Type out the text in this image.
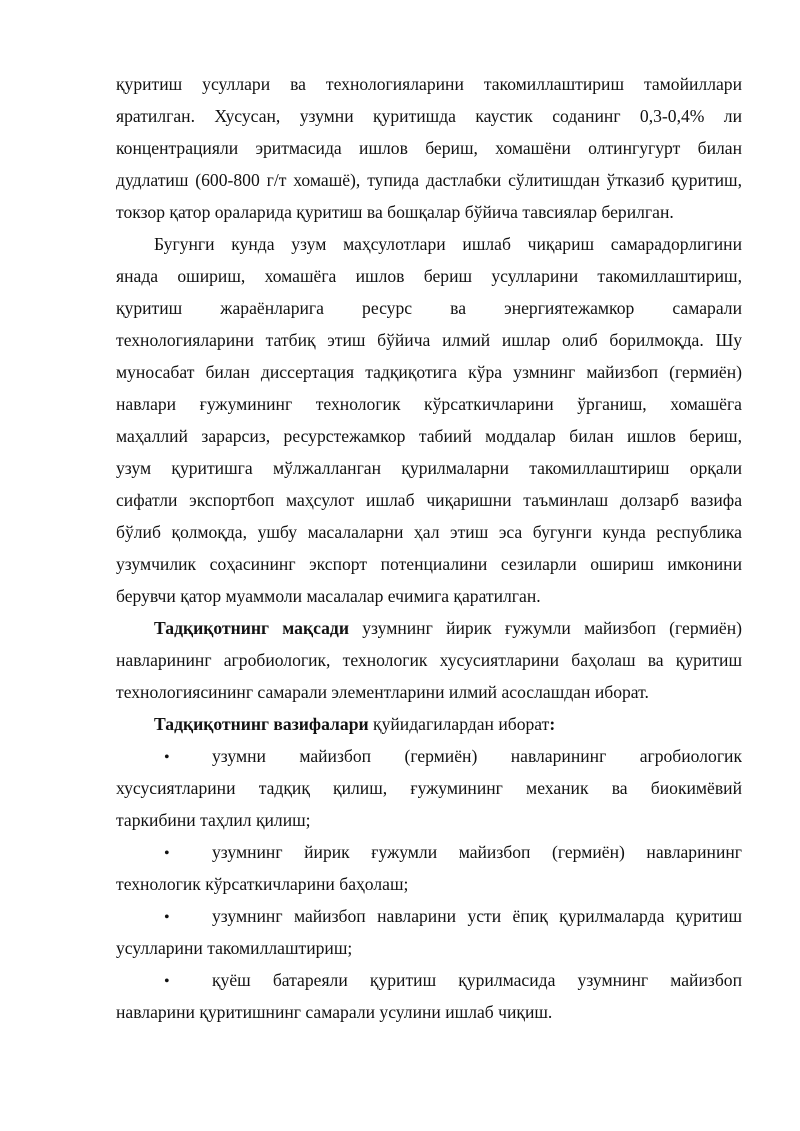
қуритиш усуллари ва технологияларини такомиллаштириш тамойиллари
яратилган. Хусусан, узумни қуритишда каустик соданинг 0,3-0,4% ли
концентрацияли эритмасида ишлов бериш, хомашёни олтингугурт билан
дудлатиш (600-800 г/т хомашё), тупида дастлабки сўлитишдан ўтказиб қуритиш,
токзор қатор ораларида қуритиш ва бошқалар бўйича тавсиялар берилган.
Бугунги кунда узум маҳсулотлари ишлаб чиқариш самарадорлигини
янада ошириш, хомашёга ишлов бериш усулларини такомиллаштириш,
қуритиш жараёнларига ресурс ва энергиятежамкор самарали
технологияларини татбиқ этиш бўйича илмий ишлар олиб борилмоқда. Шу
муносабат билан диссертация тадқиқотига кўра узмнинг майизбоп (гермиён)
навлари ғужумининг технологик кўрсаткичларини ўрганиш, хомашёга
маҳаллий зарарсиз, ресурстежамкор табиий моддалар билан ишлов бериш,
узум қуритишга мўлжалланган қурилмаларни такомиллаштириш орқали
сифатли экспортбоп маҳсулот ишлаб чиқаришни таъминлаш долзарб вазифа
бўлиб қолмоқда, ушбу масалаларни ҳал этиш эса бугунги кунда республика
узумчилик соҳасининг экспорт потенциалини сезиларли ошириш имконини
берувчи қатор муаммоли масалалар ечимига қаратилган.
Тадқиқотнинг мақсади узумнинг йирик ғужумли майизбоп (гермиён)
навларининг агробиологик, технологик хусусиятларини баҳолаш ва қуритиш
технологиясининг самарали элементларини илмий асослашдан иборат.
Тадқиқотнинг вазифалари қуйидагилардан иборат:
•	узумни майизбоп (гермиён) навларининг агробиологик
хусусиятларини тадқиқ қилиш, ғужумининг механик ва биокимёвий
таркибини таҳлил қилиш;
•	узумнинг йирик ғужумли майизбоп (гермиён) навларининг
технологик кўрсаткичларини баҳолаш;
•	узумнинг майизбоп навларини усти ёпиқ қурилмаларда қуритиш
усулларини такомиллаштириш;
•	қуёш батареяли қуритиш қурилмасида узумнинг майизбоп
навларини қуритишнинг самарали усулини ишлаб чиқиш.
